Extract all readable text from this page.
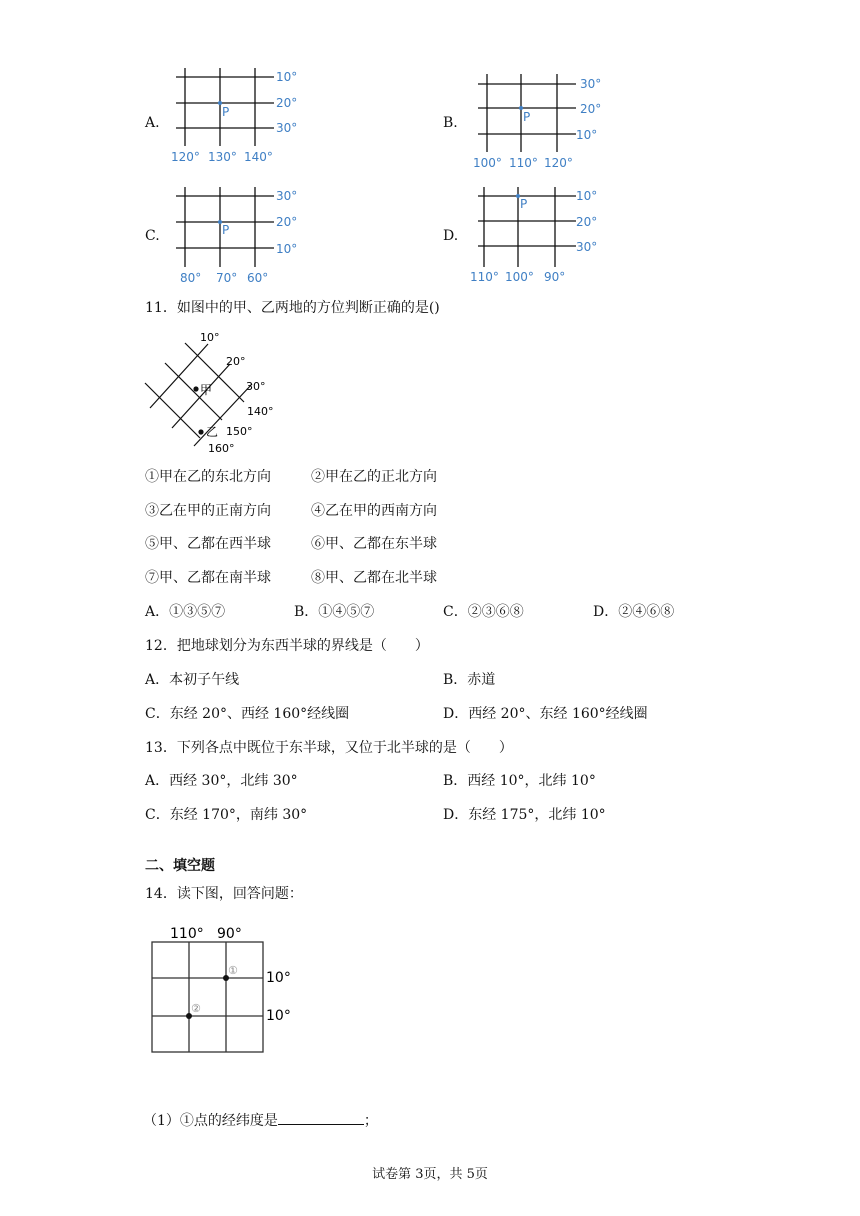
A.
P
10°
20°
30°
120° 130° 140°
B.	P
30°
20°
10°
100° 110° 120°
C.	P
30°
20°
10°
80° 70° 60°
D.
P
10°
20°
30°
110° 100° 90°
11．如图中的甲、乙两地的方位判断正确的是()
甲
乙
10°
20°
30°
140°
150°
160°
①甲在乙的东北方向	②甲在乙的正北方向
③乙在甲的正南方向	④乙在甲的西南方向
⑤甲、乙都在西半球	⑥甲、乙都在东半球
⑦甲、乙都在南半球	⑧甲、乙都在北半球
A．①③⑤⑦	B．①④⑤⑦	C．②③⑥⑧	D．②④⑥⑧
12．把地球划分为东西半球的界线是（　　）
A．本初子午线	B．赤道
C．东经 20°、西经 160°经线圈	D．西经 20°、东经 160°经线圈
13．下列各点中既位于东半球，又位于北半球的是（　　）
A．西经 30°，北纬 30°	B．西经 10°，北纬 10°
C．东经 170°，南纬 30°	D．东经 175°，北纬 10°
二、填空题
14．读下图，回答问题：
110° 90°
10°
10°
①
②
（1）①点的经纬度是	；
试卷第 3页，共 5页
